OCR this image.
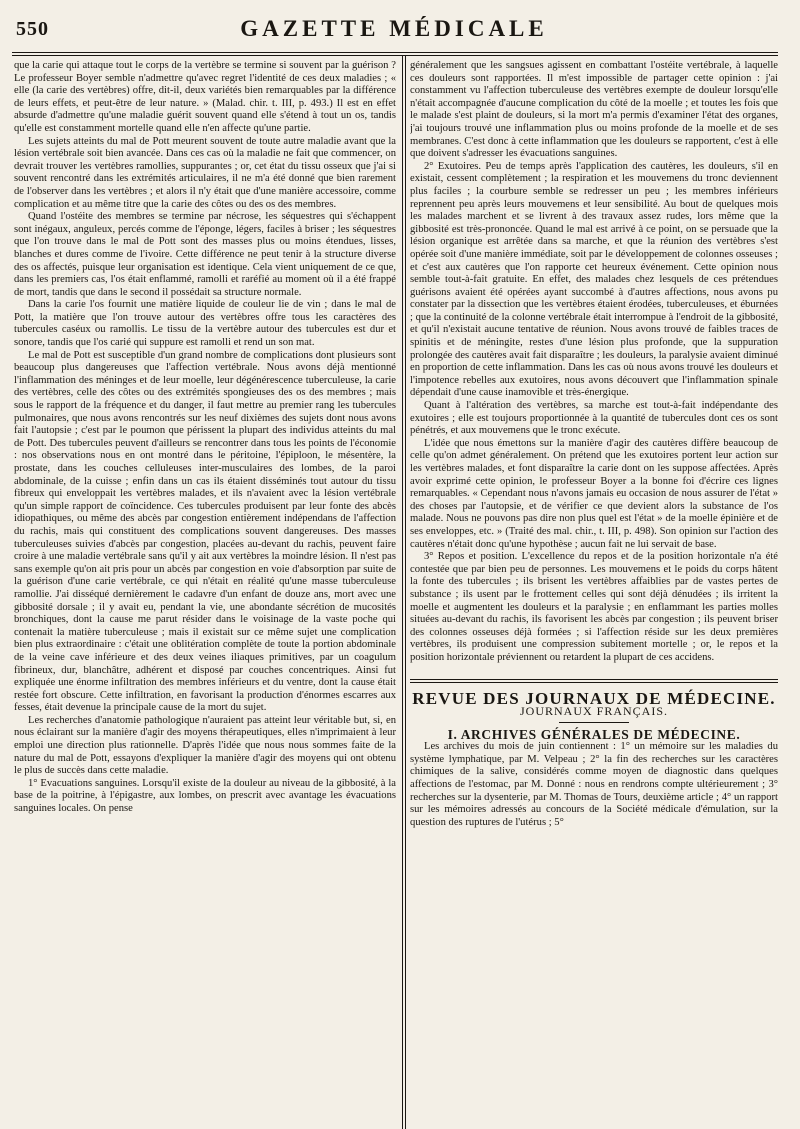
550	GAZETTE MÉDICALE

que la carie qui attaque tout le corps de la vertèbre se termine si souvent par la guérison ? Le professeur Boyer semble n'admettre qu'avec regret l'identité de ces deux maladies ; « elle (la carie des vertèbres) offre, dit-il, deux variétés bien remarquables par la différence de leurs effets, et peut-être de leur nature. » (Malad. chir. t. III, p. 493.) Il est en effet absurde d'admettre qu'une maladie guérit souvent quand elle s'étend à tout un os, tandis qu'elle est constamment mortelle quand elle n'en affecte qu'une partie.

Les sujets atteints du mal de Pott meurent souvent de toute autre maladie avant que la lésion vertébrale soit bien avancée. Dans ces cas où la maladie ne fait que commencer, on devrait trouver les vertèbres ramollies, suppurantes ; or, cet état du tissu osseux que j'ai si souvent rencontré dans les extrémités articulaires, il ne m'a été donné que bien rarement de l'observer dans les vertèbres ; et alors il n'y était que d'une manière accessoire, comme complication et au même titre que la carie des côtes ou des os des membres.

Quand l'ostéite des membres se termine par nécrose, les séquestres qui s'échappent sont inégaux, anguleux, percés comme de l'éponge, légers, faciles à briser ; les séquestres que l'on trouve dans le mal de Pott sont des masses plus ou moins étendues, lisses, blanches et dures comme de l'ivoire. Cette différence ne peut tenir à la structure diverse des os affectés, puisque leur organisation est identique. Cela vient uniquement de ce que, dans les premiers cas, l'os était enflammé, ramolli et raréfié au moment où il a été frappé de mort, tandis que dans le second il possédait sa structure normale.

Dans la carie l'os fournit une matière liquide de couleur lie de vin ; dans le mal de Pott, la matière que l'on trouve autour des vertèbres offre tous les caractères des tubercules caséux ou ramollis. Le tissu de la vertèbre autour des tubercules est dur et sonore, tandis que l'os carié qui suppure est ramolli et rend un son mat.

Le mal de Pott est susceptible d'un grand nombre de complications dont plusieurs sont beaucoup plus dangereuses que l'affection vertébrale. Nous avons déjà mentionné l'inflammation des méninges et de leur moelle, leur dégénérescence tuberculeuse, la carie des vertèbres, celle des côtes ou des extrémités spongieuses des os des membres ; mais sous le rapport de la fréquence et du danger, il faut mettre au premier rang les tubercules pulmonaires, que nous avons rencontrés sur les neuf dixièmes des sujets dont nous avons fait l'autopsie ; c'est par le poumon que périssent la plupart des individus atteints du mal de Pott. Des tubercules peuvent d'ailleurs se rencontrer dans tous les points de l'économie : nos observations nous en ont montré dans le péritoine, l'épiploon, le mésentère, la prostate, dans les couches celluleuses inter-musculaires des lombes, de la paroi abdominale, de la cuisse ; enfin dans un cas ils étaient disséminés tout autour du tissu fibreux qui enveloppait les vertèbres malades, et ils n'avaient avec la lésion vertébrale qu'un simple rapport de coïncidence. Ces tubercules produisent par leur fonte des abcès idiopathiques, ou même des abcès par congestion entièrement indépendans de l'affection du rachis, mais qui constituent des complications souvent dangereuses. Des masses tuberculeuses suivies d'abcès par congestion, placées au-devant du rachis, peuvent faire croire à une maladie vertébrale sans qu'il y ait aux vertèbres la moindre lésion. Il n'est pas sans exemple qu'on ait pris pour un abcès par congestion en voie d'absorption par suite de la guérison d'une carie vertébrale, ce qui n'était en réalité qu'une masse tuberculeuse ramollie. J'ai disséqué dernièrement le cadavre d'un enfant de douze ans, mort avec une gibbosité dorsale ; il y avait eu, pendant la vie, une abondante sécrétion de mucosités bronchiques, dont la cause me parut résider dans le voisinage de la vaste poche qui contenait la matière tuberculeuse ; mais il existait sur ce même sujet une complication bien plus extraordinaire : c'était une oblitération complète de toute la portion abdominale de la veine cave inférieure et des deux veines iliaques primitives, par un coagulum fibrineux, dur, blanchâtre, adhérent et disposé par couches concentriques. Ainsi fut expliquée une énorme infiltration des membres inférieurs et du ventre, dont la cause était restée fort obscure. Cette infiltration, en favorisant la production d'énormes escarres aux fesses, était devenue la principale cause de la mort du sujet.

Les recherches d'anatomie pathologique n'auraient pas atteint leur véritable but, si, en nous éclairant sur la manière d'agir des moyens thérapeutiques, elles n'imprimaient à leur emploi une direction plus rationnelle. D'après l'idée que nous nous sommes faite de la nature du mal de Pott, essayons d'expliquer la manière d'agir des moyens qui ont obtenu le plus de succès dans cette maladie.

1° Evacuations sanguines. Lorsqu'il existe de la douleur au niveau de la gibbosité, à la base de la poitrine, à l'épigastre, aux lombes, on prescrit avec avantage les évacuations sanguines locales. On pense

généralement que les sangsues agissent en combattant l'ostéite vertébrale, à laquelle ces douleurs sont rapportées. Il m'est impossible de partager cette opinion : j'ai constamment vu l'affection tuberculeuse des vertèbres exempte de douleur lorsqu'elle n'était accompagnée d'aucune complication du côté de la moelle ; et toutes les fois que le malade s'est plaint de douleurs, si la mort m'a permis d'examiner l'état des organes, j'ai toujours trouvé une inflammation plus ou moins profonde de la moelle et de ses membranes. C'est donc à cette inflammation que les douleurs se rapportent, c'est à elle que doivent s'adresser les évacuations sanguines.

2° Exutoires. Peu de temps après l'application des cautères, les douleurs, s'il en existait, cessent complètement ; la respiration et les mouvemens du tronc deviennent plus faciles ; la courbure semble se redresser un peu ; les membres inférieurs reprennent peu après leurs mouvemens et leur sensibilité. Au bout de quelques mois les malades marchent et se livrent à des travaux assez rudes, lors même que la gibbosité est très-prononcée. Quand le mal est arrivé à ce point, on se persuade que la lésion organique est arrêtée dans sa marche, et que la réunion des vertèbres s'est opérée soit d'une manière immédiate, soit par le développement de colonnes osseuses ; et c'est aux cautères que l'on rapporte cet heureux événement. Cette opinion nous semble tout-à-fait gratuite. En effet, des malades chez lesquels de ces prétendues guérisons avaient été opérées ayant succombé à d'autres affections, nous avons pu constater par la dissection que les vertèbres étaient érodées, tuberculeuses, et éburnées ; que la continuité de la colonne vertébrale était interrompue à l'endroit de la gibbosité, et qu'il n'existait aucune tentative de réunion. Nous avons trouvé de faibles traces de spinitis et de méningite, restes d'une lésion plus profonde, que la suppuration prolongée des cautères avait fait disparaître ; les douleurs, la paralysie avaient diminué en proportion de cette inflammation. Dans les cas où nous avons trouvé les douleurs et l'impotence rebelles aux exutoires, nous avons découvert que l'inflammation spinale dépendait d'une cause inamovible et très-énergique.

Quant à l'altération des vertèbres, sa marche est tout-à-fait indépendante des exutoires ; elle est toujours proportionnée à la quantité de tubercules dont ces os sont pénétrés, et aux mouvemens que le tronc exécute.

L'idée que nous émettons sur la manière d'agir des cautères diffère beaucoup de celle qu'on admet généralement. On prétend que les exutoires portent leur action sur les vertèbres malades, et font disparaître la carie dont on les suppose affectées. Après avoir exprimé cette opinion, le professeur Boyer a la bonne foi d'écrire ces lignes remarquables. « Cependant nous n'avons jamais eu occasion de nous assurer de l'état » des choses par l'autopsie, et de vérifier ce que devient alors la substance de l'os malade. Nous ne pouvons pas dire non plus quel est l'état » de la moelle épinière et de ses enveloppes, etc. » (Traité des mal. chir., t. III, p. 498). Son opinion sur l'action des cautères n'était donc qu'une hypothèse ; aucun fait ne lui servait de base.

3° Repos et position. L'excellence du repos et de la position horizontale n'a été contestée que par bien peu de personnes. Les mouvemens et le poids du corps hâtent la fonte des tubercules ; ils brisent les vertèbres affaiblies par de vastes pertes de substance ; ils usent par le frottement celles qui sont déjà dénudées ; ils irritent la moelle et augmentent les douleurs et la paralysie ; en enflammant les parties molles situées au-devant du rachis, ils favorisent les abcès par congestion ; ils peuvent briser des colonnes osseuses déjà formées ; si l'affection réside sur les deux premières vertèbres, ils produisent une compression subitement mortelle ; or, le repos et la position horizontale préviennent ou retardent la plupart de ces accidens.

REVUE DES JOURNAUX DE MÉDECINE.

JOURNAUX FRANÇAIS.

I. ARCHIVES GÉNÉRALES DE MÉDECINE.

Les archives du mois de juin contiennent : 1° un mémoire sur les maladies du système lymphatique, par M. Velpeau ; 2° la fin des recherches sur les caractères chimiques de la salive, considérés comme moyen de diagnostic dans quelques affections de l'estomac, par M. Donné : nous en rendrons compte ultérieurement ; 3° recherches sur la dysenterie, par M. Thomas de Tours, deuxième article ; 4° un rapport sur les mémoires adressés au concours de la Société médicale d'émulation, sur la question des ruptures de l'utérus ; 5°
